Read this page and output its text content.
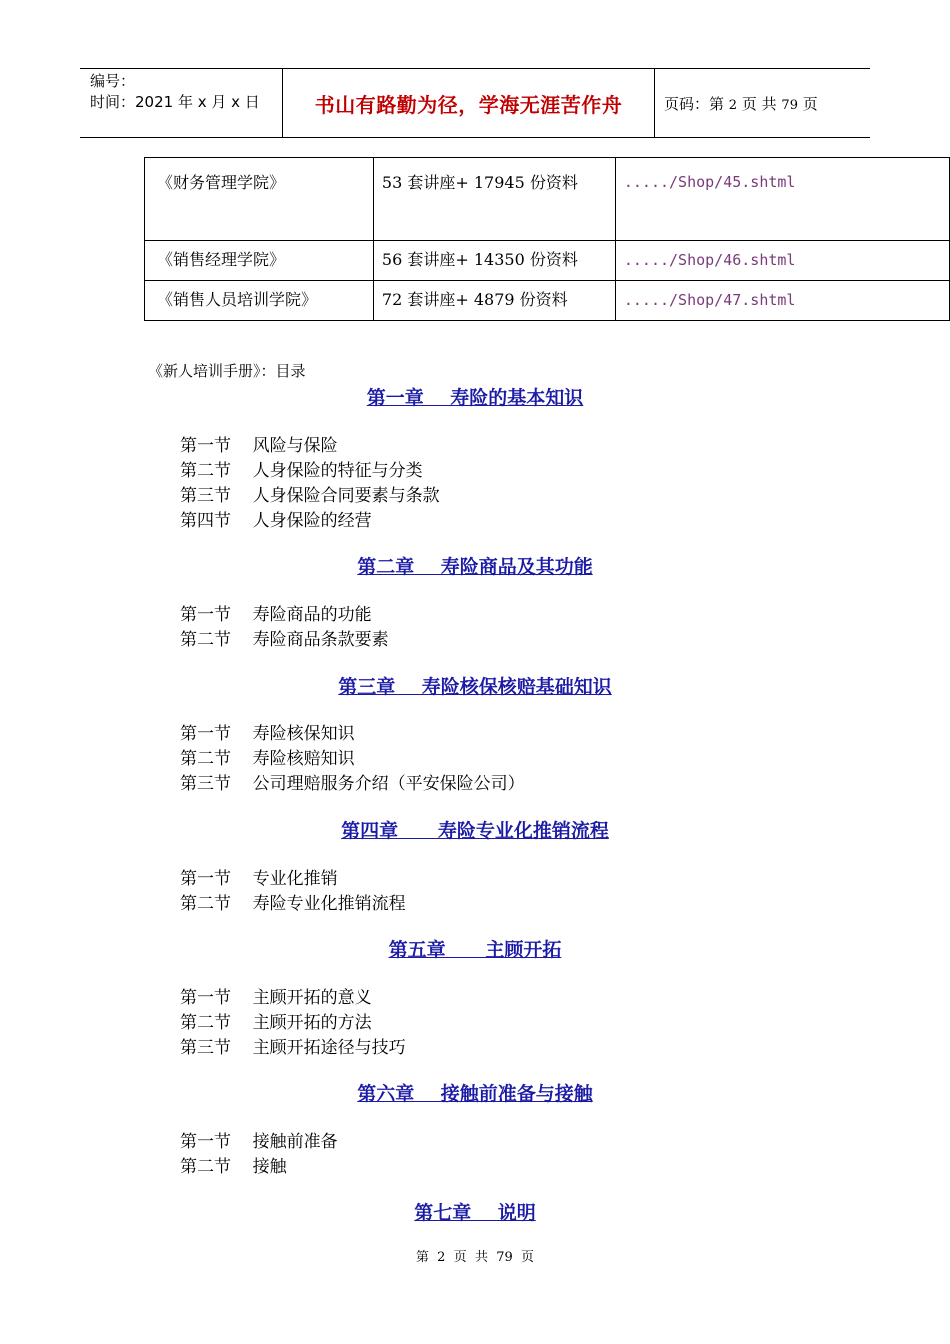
编号：
时间：2021 年 x 月 x 日	书山有路勤为径，学海无涯苦作舟	页码：第 2 页 共 79 页
《财务管理学院》	53 套讲座+ 17945 份资料	...../Shop/45.shtml
《销售经理学院》	56 套讲座+ 14350 份资料	...../Shop/46.shtml
《销售人员培训学院》	72 套讲座+ 4879 份资料	...../Shop/47.shtml
《新人培训手册》：目录
第一章    寿险的基本知识
第一节    风险与保险
第二节    人身保险的特征与分类
第三节    人身保险合同要素与条款
第四节    人身保险的经营
第二章    寿险商品及其功能
第一节    寿险商品的功能
第二节    寿险商品条款要素
第三章    寿险核保核赔基础知识
第一节    寿险核保知识
第二节    寿险核赔知识
第三节    公司理赔服务介绍（平安保险公司）
第四章      寿险专业化推销流程
第一节    专业化推销
第二节    寿险专业化推销流程
第五章      主顾开拓
第一节    主顾开拓的意义
第二节    主顾开拓的方法
第三节    主顾开拓途径与技巧
第六章    接触前准备与接触
第一节    接触前准备
第二节    接触
第七章    说明
第  2  页  共  79  页
